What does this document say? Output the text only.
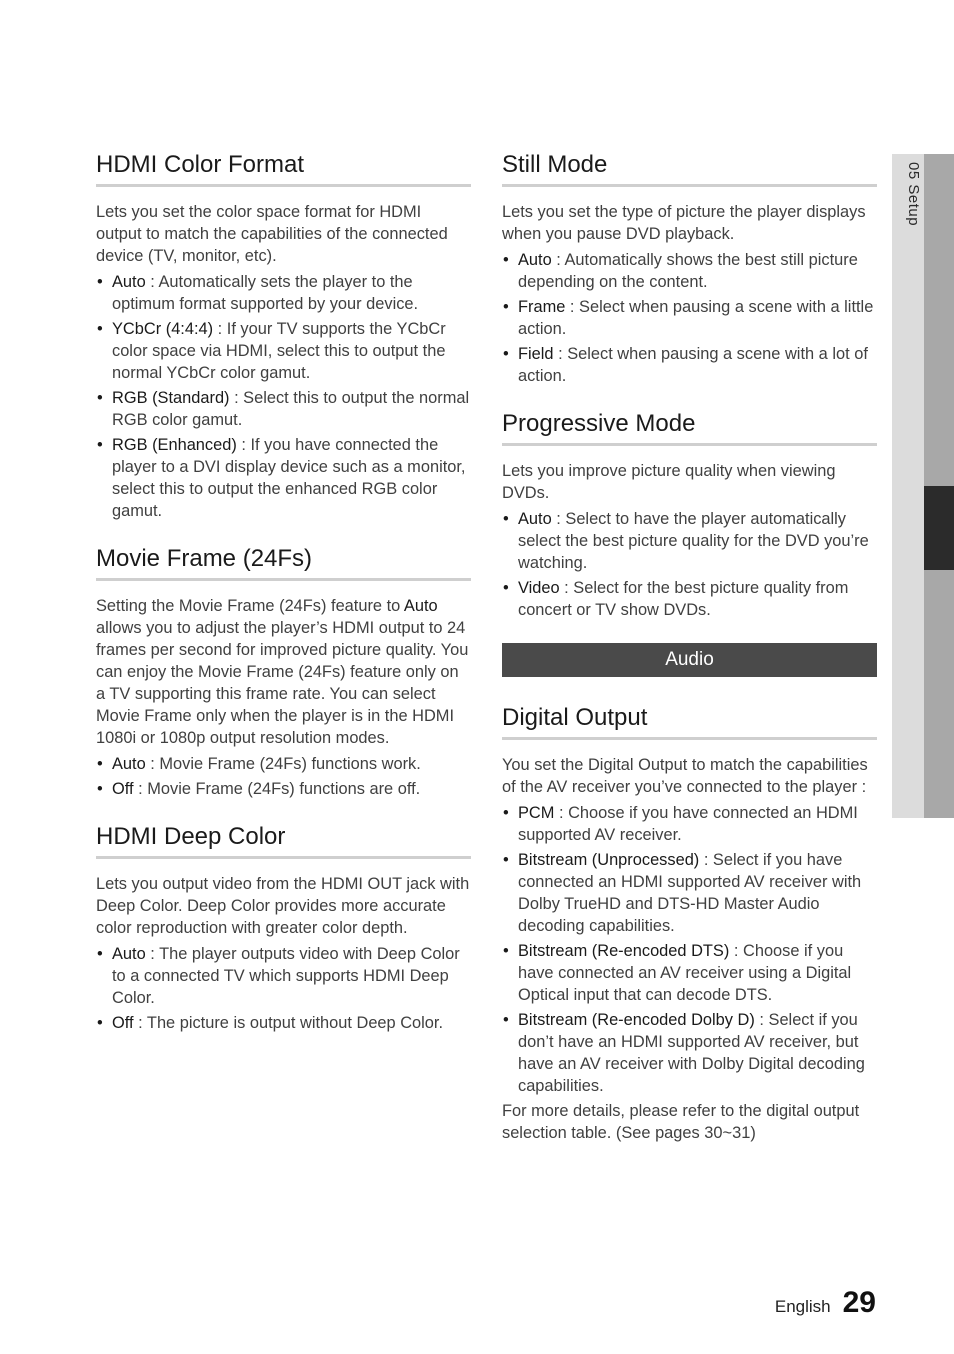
05 Setup
HDMI Color Format

Lets you set the color space format for HDMI output to match the capabilities of the connected device (TV, monitor, etc).

• Auto : Automatically sets the player to the optimum format supported by your device.
• YCbCr (4:4:4) : If your TV supports the YCbCr color space via HDMI, select this to output the normal YCbCr color gamut.
• RGB (Standard) : Select this to output the normal RGB color gamut.
• RGB (Enhanced) : If you have connected the player to a DVI display device such as a monitor, select this to output the enhanced RGB color gamut.
Movie Frame (24Fs)

Setting the Movie Frame (24Fs) feature to Auto allows you to adjust the player’s HDMI output to 24 frames per second for improved picture quality. You can enjoy the Movie Frame (24Fs) feature only on a TV supporting this frame rate. You can select Movie Frame only when the player is in the HDMI 1080i or 1080p output resolution modes.

• Auto : Movie Frame (24Fs) functions work.
• Off : Movie Frame (24Fs) functions are off.
HDMI Deep Color

Lets you output video from the HDMI OUT jack with Deep Color. Deep Color provides more accurate color reproduction with greater color depth.

• Auto : The player outputs video with Deep Color to a connected TV which supports HDMI Deep Color.
• Off : The picture is output without Deep Color.
Still Mode

Lets you set the type of picture the player displays when you pause DVD playback.

• Auto : Automatically shows the best still picture depending on the content.
• Frame : Select when pausing a scene with a little action.
• Field : Select when pausing a scene with a lot of action.
Progressive Mode

Lets you improve picture quality when viewing DVDs.

• Auto : Select to have the player automatically select the best picture quality for the DVD you’re watching.
• Video : Select for the best picture quality from concert or TV show DVDs.
Audio
Digital Output

You set the Digital Output to match the capabilities of the AV receiver you’ve connected to the player :

• PCM : Choose if you have connected an HDMI supported AV receiver.
• Bitstream (Unprocessed) : Select if you have connected an HDMI supported AV receiver with Dolby TrueHD and DTS-HD Master Audio decoding capabilities.
• Bitstream (Re-encoded DTS) : Choose if you have connected an AV receiver using a Digital Optical input that can decode DTS.
• Bitstream (Re-encoded Dolby D) : Select if you don’t have an HDMI supported AV receiver, but have an AV receiver with Dolby Digital decoding capabilities.

For more details, please refer to the digital output selection table. (See pages 30~31)

English 29
